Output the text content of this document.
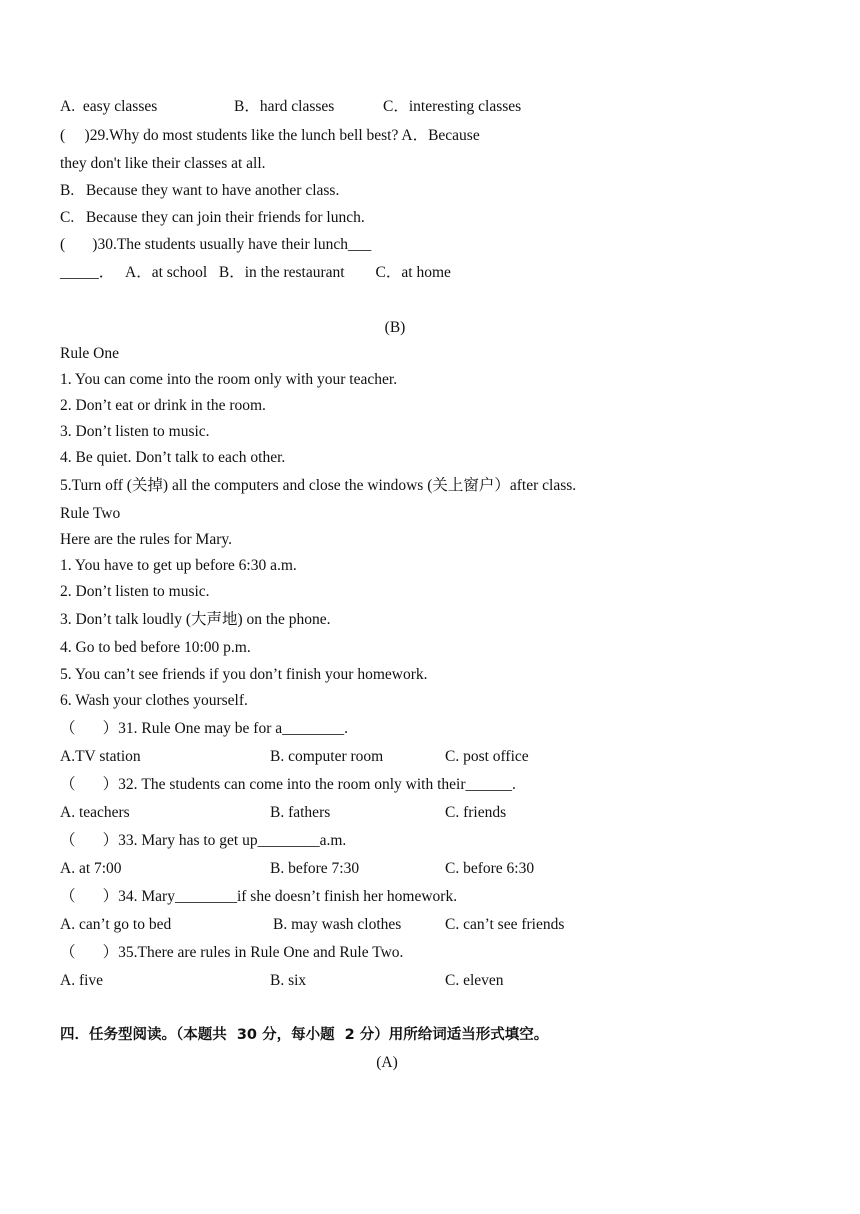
A.  easy classes	B．hard classes	C．interesting classes
(     )29.Why do most students like the lunch bell best? A．Because
they don't like their classes at all.
B.   Because they want to have another class.
C.   Because they can join their friends for lunch.
(       )30.The students usually have their lunch___
_____．   A．at school   B．in the restaurant        C．at home
(B)
Rule One
1. You can come into the room only with your teacher.
2. Don’t eat or drink in the room.
3. Don’t listen to music.
4. Be quiet. Don’t talk to each other.
5.Turn off (关掉) all the computers and close the windows (关上窗户）after class.
Rule Two
Here are the rules for Mary.
1. You have to get up before 6:30 a.m.
2. Don’t listen to music.
3. Don’t talk loudly (大声地) on the phone.
4. Go to bed before 10:00 p.m.
5. You can’t see friends if you don’t finish your homework.
6. Wash your clothes yourself.
（       ）31. Rule One may be for a________.
A.TV station	B. computer room	C. post office
（       ）32. The students can come into the room only with their______.
A. teachers	B. fathers	C. friends
（       ）33. Mary has to get up________a.m.
A. at 7:00	B. before 7:30	C. before 6:30
（       ）34. Mary________if she doesn’t finish her homework.
A. can’t go to bed	B. may wash clothes	C. can’t see friends
（       ）35.There are rules in Rule One and Rule Two.
A. five	B. six	C. eleven
四．任务型阅读。（本题共  30 分，每小题  2 分）用所给词适当形式填空。
(A)
